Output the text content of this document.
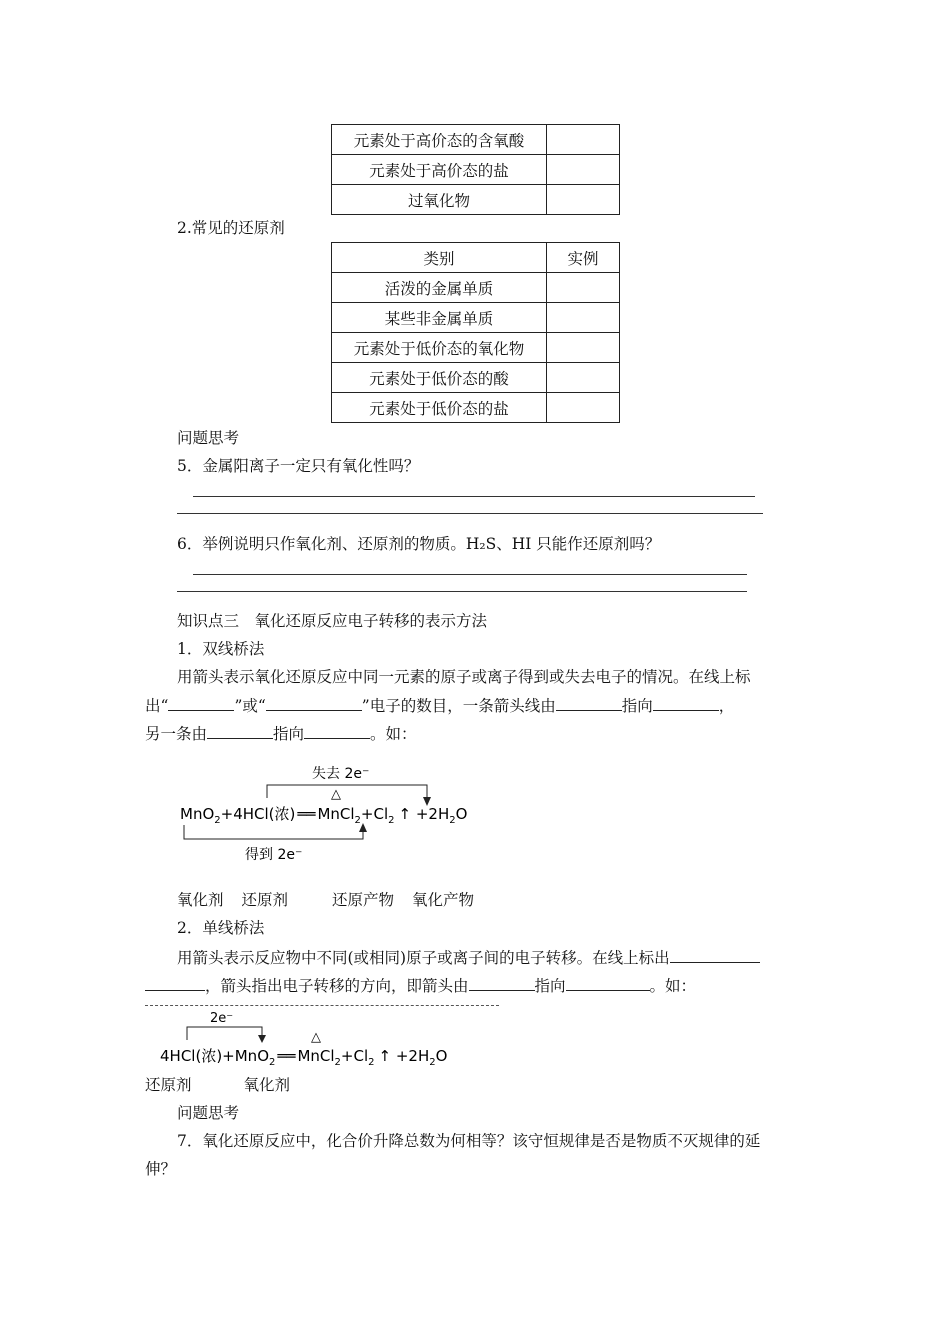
元素处于高价态的含氧酸	
元素处于高价态的盐	
过氧化物	
2.常见的还原剂
类别	实例
活泼的金属单质	
某些非金属单质	
元素处于低价态的氧化物	
元素处于低价态的酸	
元素处于低价态的盐	
问题思考
5．金属阳离子一定只有氧化性吗？
6．举例说明只作氧化剂、还原剂的物质。H₂S、HI 只能作还原剂吗？
知识点三　氧化还原反应电子转移的表示方法
1．双线桥法
用箭头表示氧化还原反应中同一元素的原子或离子得到或失去电子的情况。在线上标
出“	”或“	”电子的数目，一条箭头线由	指向	，
另一条由	指向	。如：
失去 2e⁻
△
MnO$_2$+4HCl(浓) ══ $MnCl_2+Cl_2$ ↑ $+2H_2O$
得到 2e⁻
氧化剂 还原剂	还原产物 氧化产物
2．单线桥法
用箭头表示反应物中不同(或相同)原子或离子间的电子转移。在线上标出
，箭头指出电子转移的方向，即箭头由	指向	。如：
2e⁻
△
4HCl(浓)+MnO$_2$ ══ $MnCl_2+Cl_2$ ↑ $+2H_2O$
还原剂	氧化剂
问题思考
7．氧化还原反应中，化合价升降总数为何相等？该守恒规律是否是物质不灭规律的延
伸？
